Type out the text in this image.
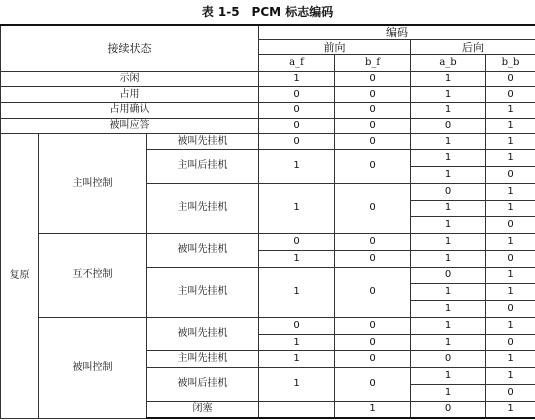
表 1-5　PCM 标志编码
接续状态			编码				
			前向		后向		
			a_f	b_f	a_b	b_b	
示闲			1	0	1	0	
占用			0	0	1	0	
占用确认			0	0	1	1	
被叫应答			0	0	0	1	
复原	主叫控制	被叫先挂机	0	0	1	1	
		主叫后挂机	1	0	1	1	
					1	0	
		主叫先挂机	1	0	0	1	
					1	1	
					1	0	
	互不控制	被叫先挂机	0	0	1	1	
			1	0	1	0	
		主叫先挂机	1	0	0	1	
					1	1	
					1	0	
	被叫控制	被叫先挂机	0	0	1	1	
			1	0	1	0	
		主叫先挂机	1	0	0	1	
		被叫后挂机	1	0	1	1	
					1	0	
		闭塞		1	0	1	
